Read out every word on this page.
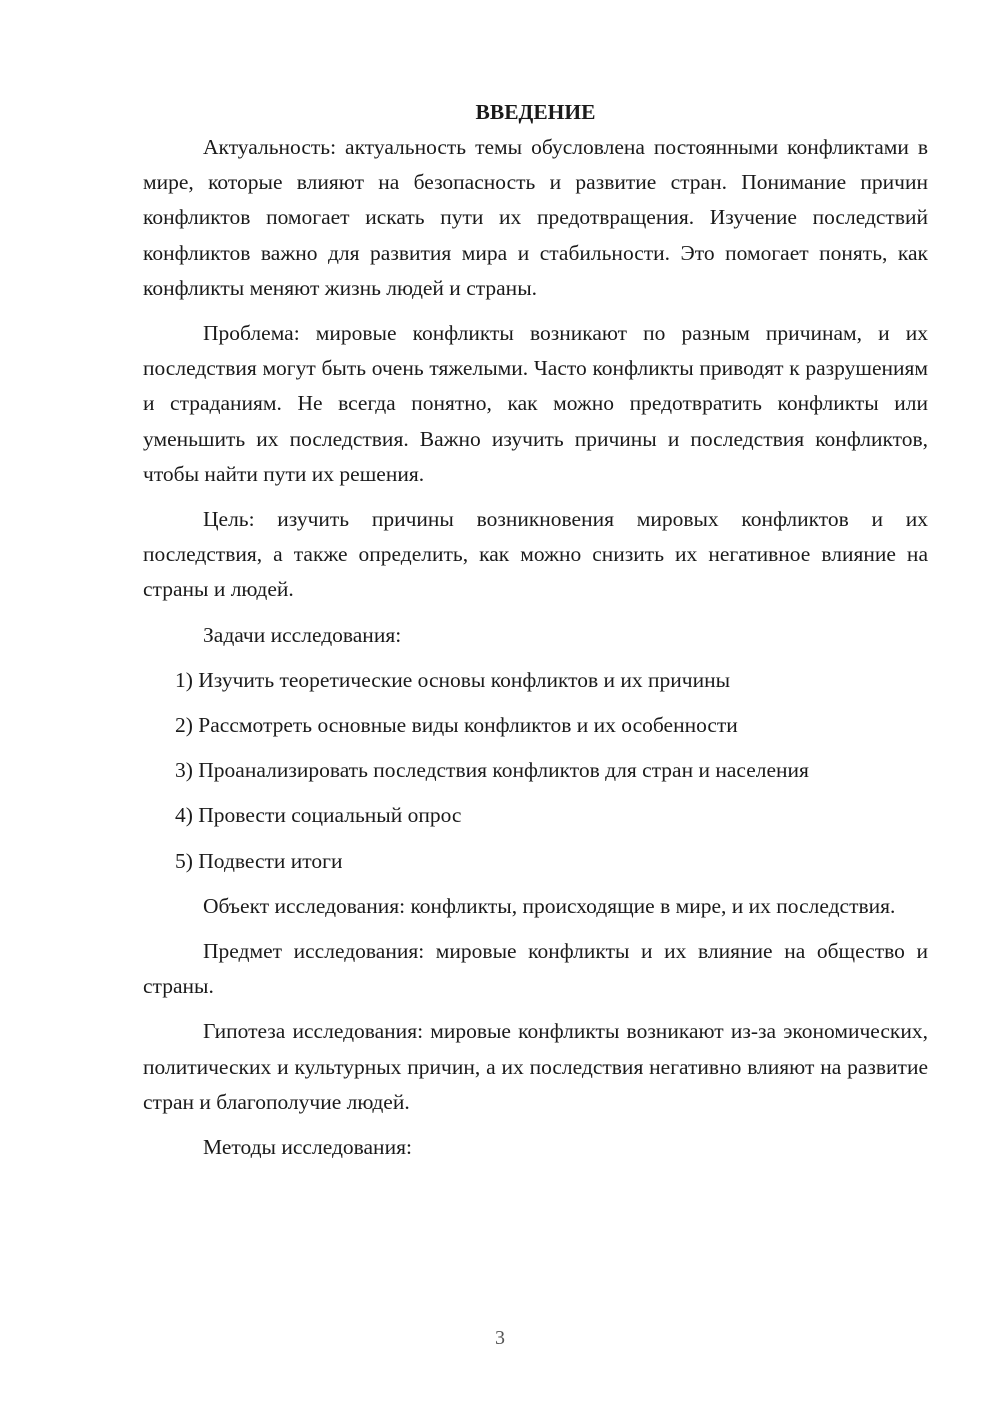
ВВЕДЕНИЕ

Актуальность: актуальность темы обусловлена постоянными конфликтами в мире, которые влияют на безопасность и развитие стран. Понимание причин конфликтов помогает искать пути их предотвращения. Изучение последствий конфликтов важно для развития мира и стабильности. Это помогает понять, как конфликты меняют жизнь людей и страны.

Проблема: мировые конфликты возникают по разным причинам, и их последствия могут быть очень тяжелыми. Часто конфликты приводят к разрушениям и страданиям. Не всегда понятно, как можно предотвратить конфликты или уменьшить их последствия. Важно изучить причины и последствия конфликтов, чтобы найти пути их решения.

Цель: изучить причины возникновения мировых конфликтов и их последствия, а также определить, как можно снизить их негативное влияние на страны и людей.

Задачи исследования:

1) Изучить теоретические основы конфликтов и их причины
2) Рассмотреть основные виды конфликтов и их особенности
3) Проанализировать последствия конфликтов для стран и населения
4) Провести социальный опрос
5) Подвести итоги

Объект исследования: конфликты, происходящие в мире, и их последствия.

Предмет исследования: мировые конфликты и их влияние на общество и страны.

Гипотеза исследования: мировые конфликты возникают из-за экономических, политических и культурных причин, а их последствия негативно влияют на развитие стран и благополучие людей.

Методы исследования:

3
